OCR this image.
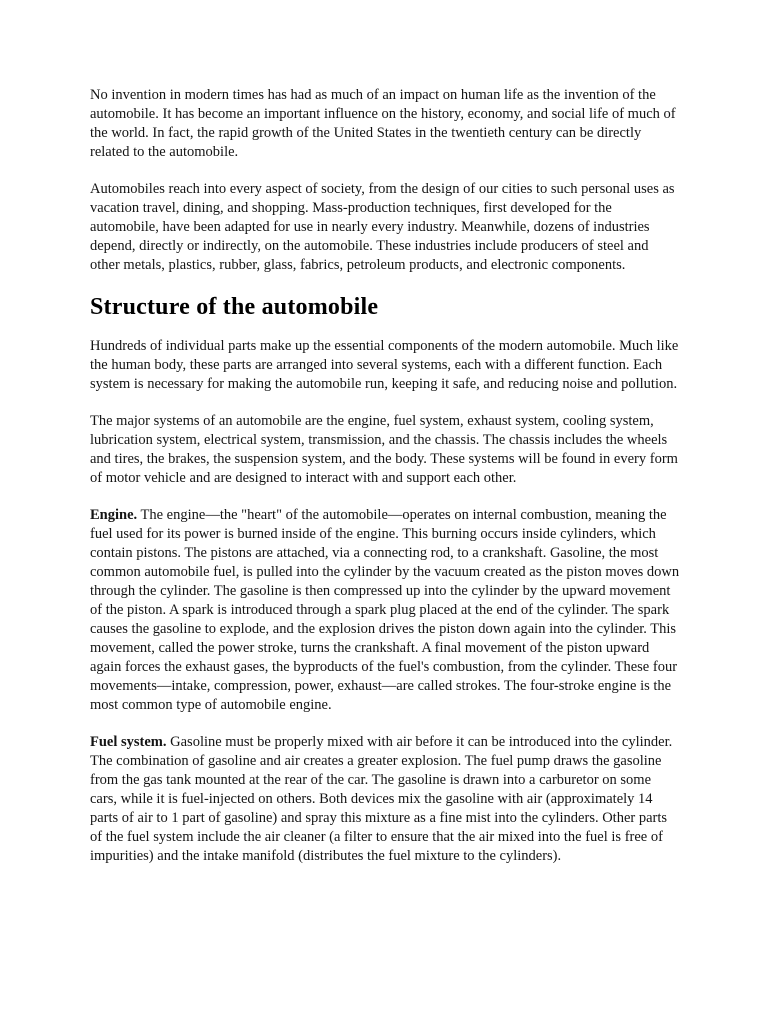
No invention in modern times has had as much of an impact on human life as the invention of the automobile. It has become an important influence on the history, economy, and social life of much of the world. In fact, the rapid growth of the United States in the twentieth century can be directly related to the automobile.

Automobiles reach into every aspect of society, from the design of our cities to such personal uses as vacation travel, dining, and shopping. Mass-production techniques, first developed for the automobile, have been adapted for use in nearly every industry. Meanwhile, dozens of industries depend, directly or indirectly, on the automobile. These industries include producers of steel and other metals, plastics, rubber, glass, fabrics, petroleum products, and electronic components.

Structure of the automobile

Hundreds of individual parts make up the essential components of the modern automobile. Much like the human body, these parts are arranged into several systems, each with a different function. Each system is necessary for making the automobile run, keeping it safe, and reducing noise and pollution.

The major systems of an automobile are the engine, fuel system, exhaust system, cooling system, lubrication system, electrical system, transmission, and the chassis. The chassis includes the wheels and tires, the brakes, the suspension system, and the body. These systems will be found in every form of motor vehicle and are designed to interact with and support each other.

Engine. The engine—the "heart" of the automobile—operates on internal combustion, meaning the fuel used for its power is burned inside of the engine. This burning occurs inside cylinders, which contain pistons. The pistons are attached, via a connecting rod, to a crankshaft. Gasoline, the most common automobile fuel, is pulled into the cylinder by the vacuum created as the piston moves down through the cylinder. The gasoline is then compressed up into the cylinder by the upward movement of the piston. A spark is introduced through a spark plug placed at the end of the cylinder. The spark causes the gasoline to explode, and the explosion drives the piston down again into the cylinder. This movement, called the power stroke, turns the crankshaft. A final movement of the piston upward again forces the exhaust gases, the byproducts of the fuel's combustion, from the cylinder. These four movements—intake, compression, power, exhaust—are called strokes. The four-stroke engine is the most common type of automobile engine.

Fuel system. Gasoline must be properly mixed with air before it can be introduced into the cylinder. The combination of gasoline and air creates a greater explosion. The fuel pump draws the gasoline from the gas tank mounted at the rear of the car. The gasoline is drawn into a carburetor on some cars, while it is fuel-injected on others. Both devices mix the gasoline with air (approximately 14 parts of air to 1 part of gasoline) and spray this mixture as a fine mist into the cylinders. Other parts of the fuel system include the air cleaner (a filter to ensure that the air mixed into the fuel is free of impurities) and the intake manifold (distributes the fuel mixture to the cylinders).
